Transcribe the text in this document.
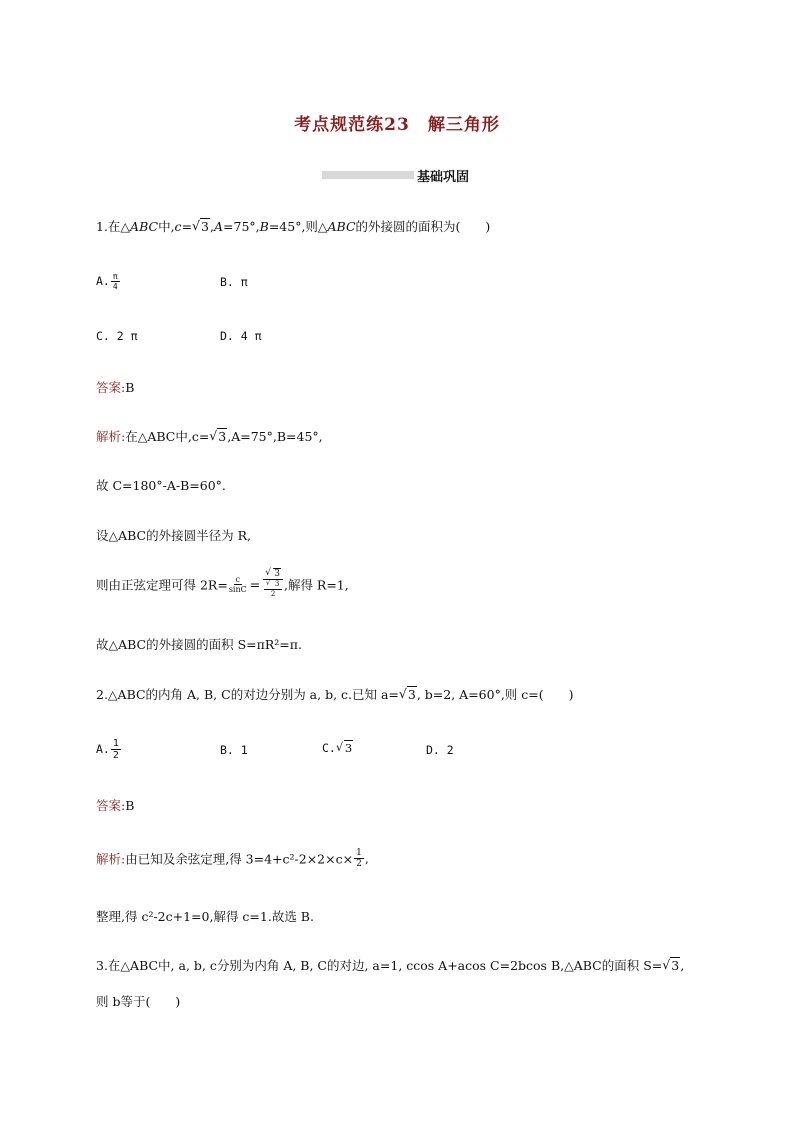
考点规范练23　解三角形
基础巩固
1.在△ABC中,c= √ 3,A=75°,B=45°,则△ABC的外接圆的面积为(　　)
A. $\frac{\pi}{4}$	B. π
C. 2 π	D. 4 π
答案:B
解析:在△ABC中,c= √ 3,A=75°,B=45°,
故 C=180°-A-B=60°.
设△ABC的外接圆半径为 R,
则由正弦定理可得 $2R= \frac{c}{\sin C}$ = √ 3
√ $\frac{3}{2}$ ,解得 R=1,
故△ABC的外接圆的面积 S=πR²=π.
2.△ABC的内角 A, B, C的对边分别为 a, b, c.已知 a= √ 3, b=2, A=60°,则 c=(　　)
A. $\frac{1}{2}$	B. 1	C. √ 3	D. 2
答案:B
解析:由已知及余弦定理,得 $3=4+c^2-2\times 2\times c\times \frac{1}{2}$ ,
整理,得 c²-2c+1=0,解得 c=1.故选 B.
3.在△ABC中, a, b, c分别为内角 A, B, C的对边, a=1, ccos A+acos C=2bcos B,△ABC的面积 S= √ 3,
则 b等于(　　)
